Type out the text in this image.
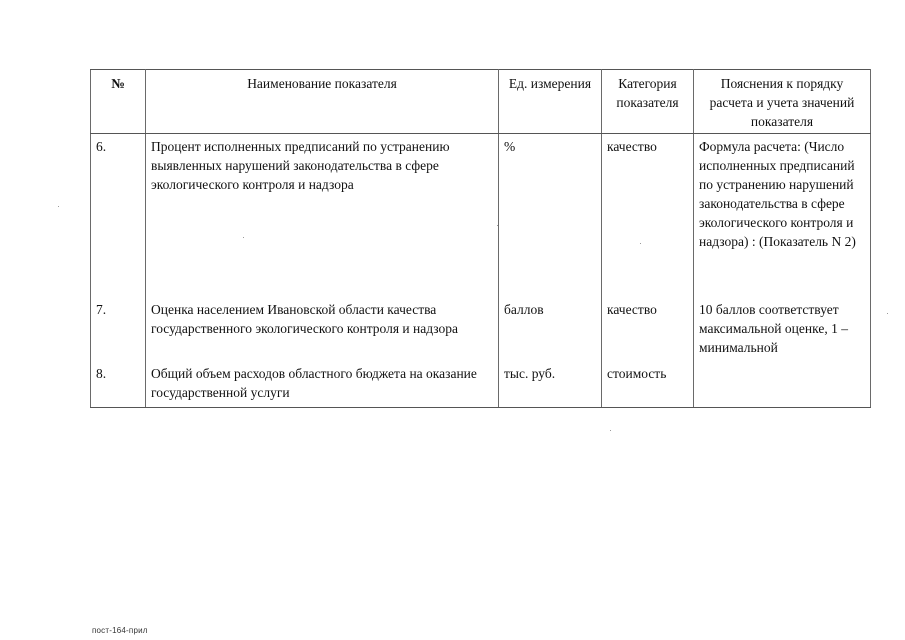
№	Наименование показателя	Ед. измерения	Категория показателя	Пояснения к порядку расчета и учета значений показателя
6.	Процент исполненных предписаний по устранению выявленных нарушений законодательства в сфере экологического контроля и надзора	%	качество	Формула расчета: (Число исполненных предписаний по устранению нарушений законодательства в сфере экологического контроля и надзора) : (Показатель N 2)
7.	Оценка населением Ивановской области качества государственного экологического контроля и надзора	баллов	качество	10 баллов соответствует максимальной оценке, 1 – минимальной
8.	Общий объем расходов областного бюджета на оказание государственной услуги	тыс. руб.	стоимость	
пост-164-прил
